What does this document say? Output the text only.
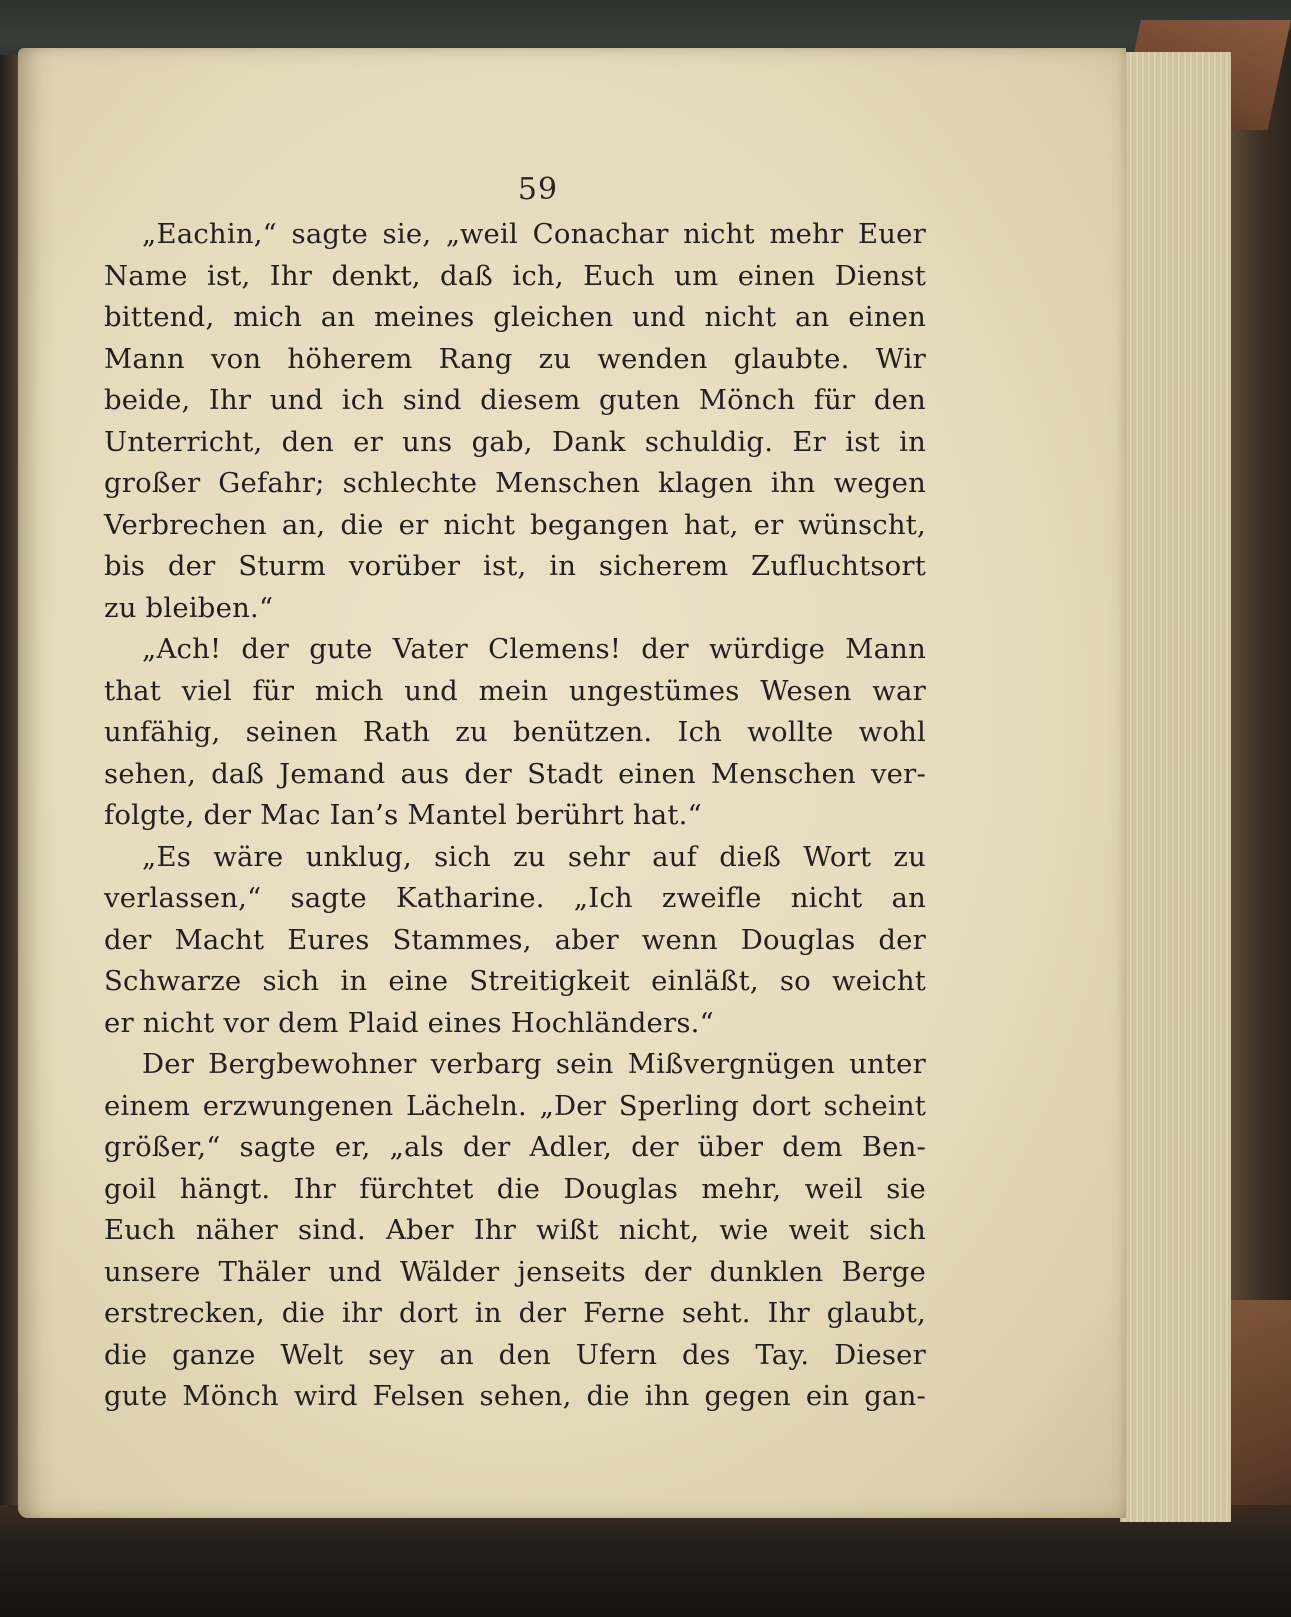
59
„Eachin,“ sagte sie, „weil Conachar nicht mehr Euer
Name ist, Ihr denkt, daß ich, Euch um einen Dienst
bittend, mich an meines gleichen und nicht an einen
Mann von höherem Rang zu wenden glaubte. Wir
beide, Ihr und ich sind diesem guten Mönch für den
Unterricht, den er uns gab, Dank schuldig. Er ist in
großer Gefahr; schlechte Menschen klagen ihn wegen
Verbrechen an, die er nicht begangen hat, er wünscht,
bis der Sturm vorüber ist, in sicherem Zufluchtsort
zu bleiben.“
„Ach! der gute Vater Clemens! der würdige Mann
that viel für mich und mein ungestümes Wesen war
unfähig, seinen Rath zu benützen. Ich wollte wohl
sehen, daß Jemand aus der Stadt einen Menschen ver-
folgte, der Mac Ian’s Mantel berührt hat.“
„Es wäre unklug, sich zu sehr auf dieß Wort zu
verlassen,“ sagte Katharine. „Ich zweifle nicht an
der Macht Eures Stammes, aber wenn Douglas der
Schwarze sich in eine Streitigkeit einläßt, so weicht
er nicht vor dem Plaid eines Hochländers.“
Der Bergbewohner verbarg sein Mißvergnügen unter
einem erzwungenen Lächeln. „Der Sperling dort scheint
größer,“ sagte er, „als der Adler, der über dem Ben-
goil hängt. Ihr fürchtet die Douglas mehr, weil sie
Euch näher sind. Aber Ihr wißt nicht, wie weit sich
unsere Thäler und Wälder jenseits der dunklen Berge
erstrecken, die ihr dort in der Ferne seht. Ihr glaubt,
die ganze Welt sey an den Ufern des Tay. Dieser
gute Mönch wird Felsen sehen, die ihn gegen ein gan-
